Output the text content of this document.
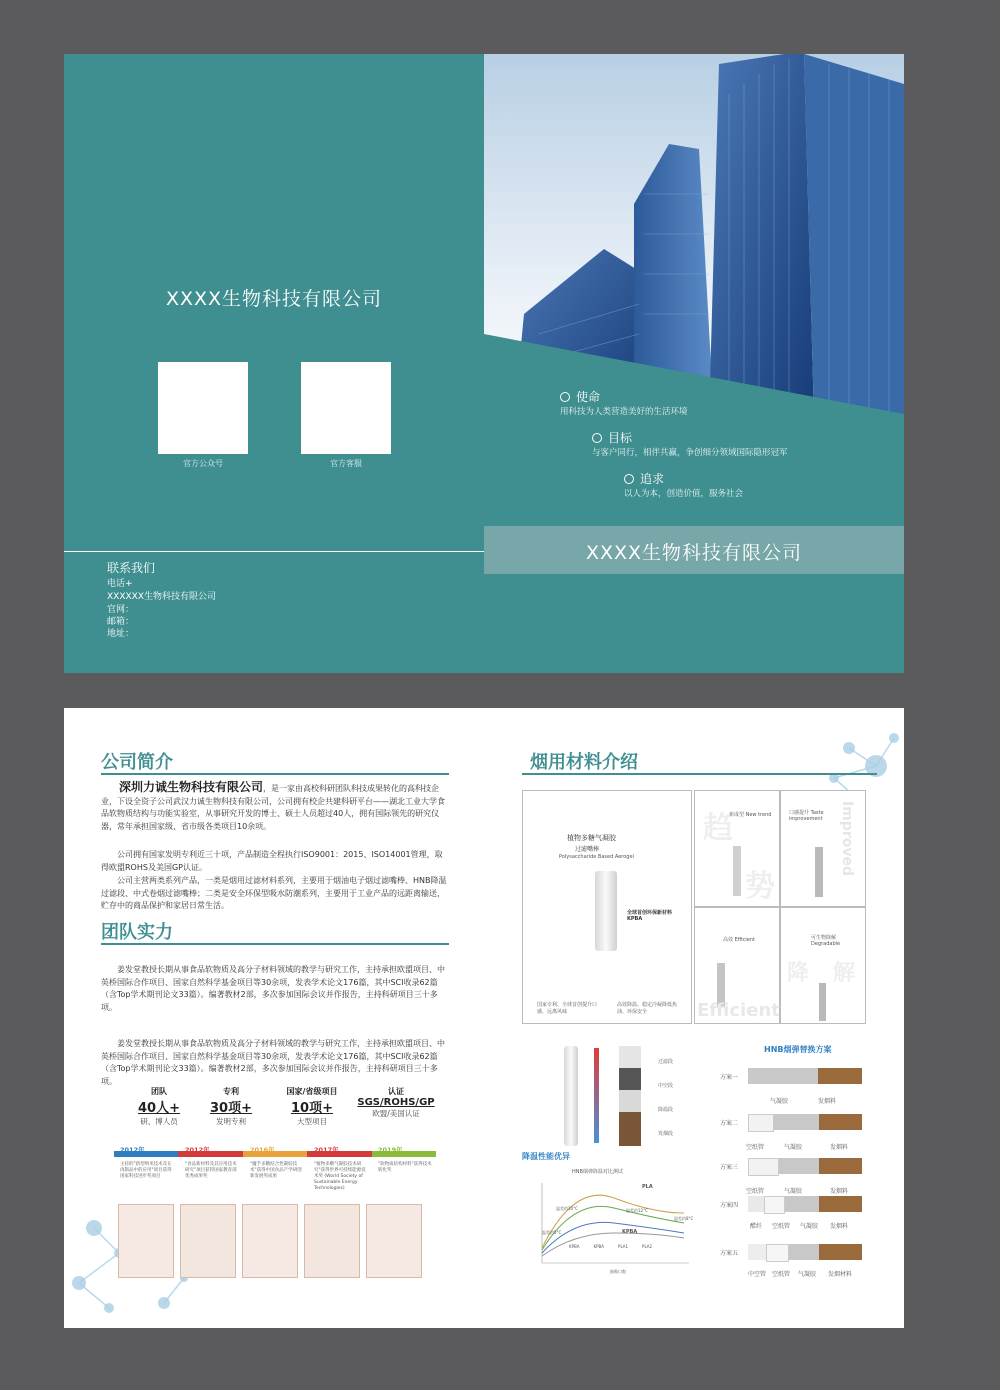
XXXX生物科技有限公司
官方公众号	官方客服
联系我们
电话+
XXXXXX生物科技有限公司
官网：
邮箱：
地址：
使命
用科技为人类营造美好的生活环境
目标
与客户同行，相伴共赢，争创细分领域国际隐形冠军
追求
以人为本，创造价值，服务社会
XXXX生物科技有限公司
公司简介
深圳力诚生物科技有限公司，是一家由高校科研团队科技成果转化的高科技企业，下设全资子公司武汉力诚生物科技有限公司，公司拥有校企共建科研平台——湖北工业大学食品软物质结构与功能实验室，从事研究开发的博士、硕士人员超过40人，拥有国际领先的研究仪器，常年承担国家级、省市级各类项目10余项。
公司拥有国家发明专利近三十项，产品制造全程执行ISO9001：2015、ISO14001管理，取得欧盟ROHS及美国GP认证。
公司主营两类系列产品，一类是烟用过滤材料系列，主要用于烟油电子烟过滤嘴棒、HNB降温过滤段、中式卷烟过滤嘴棒；二类是安全环保型吸水防潮系列，主要用于工业产品的远距离输送，贮存中的商品保护和家居日常生活。
团队实力
姜发堂教授长期从事食品软物质及高分子材料领域的教学与研究工作，主持承担欧盟项目、中英桥国际合作项目、国家自然科学基金项目等30余项，发表学术论文176篇，其中SCI收录62篇（含Top学术期刊论文33篇）。编著教材2部，多次参加国际会议并作报告，主持科研项目三十多项。
姜发堂教授长期从事食品软物质及高分子材料领域的教学与研究工作，主持承担欧盟项目、中英桥国际合作项目、国家自然科学基金项目等30余项，发表学术论文176篇，其中SCI收录62篇（含Top学术期刊论文33篇）。编著教材2部，多次参加国际会议并作报告，主持科研项目三十多项。
团队
40人+
研、博人员
专利
30项+
发明专利
国家/省级项目
10项+
大型项目
认证
SGS/ROHS/GP
欧盟/美国认证
2012年
主持的"新型纳米技术及在肉制品中的应用"项目获得国家科技进步奖项目
2012年
"食品新材料及其应用技术研究"项目获得国家教育部优秀成果奖
2016年
"魔芋多糖结合性凝胶技术"获得中国食品产学研创新发展奖成果
2017年
"植物多糖气凝胶技术研究"获得世界可持续能源技术奖 (World Society of Sustainable Energy Technologies)
2019年
"软物质结构材料"获得技术转化奖
烟用材料介绍
植物多糖气凝胶
过滤嘴棒
Polysaccharide Based Aerogel
全球首创环保新材料
KPBA
国家专利、全球首创提升口感、远离风味
高效降温、稳定冷凝降低焦油、环保安全
趋
新成型 New trend
势
口感提升 Taste improvement	Improved
高效 Efficient
Efficient
可生物降解 Degradable
降 解
过滤段
中空段
降温段
发烟段
降温性能优异
HNB烟弹降温对比测试
PLA
KPBA
温差约10°C	温差约12°C
温差约5°C
温差约8°C
KPBA	KPBA	PLA1	PLA2
抽吸口数
HNB烟弹替换方案
方案一
气凝胶	发烟料
方案二
空纸管	气凝胶	发烟料
方案三
空纸管	气凝胶	发烟料
方案四
醋纤 空纸管 气凝胶 发烟料
方案五
中空管 空纸管 气凝胶 发烟材料
